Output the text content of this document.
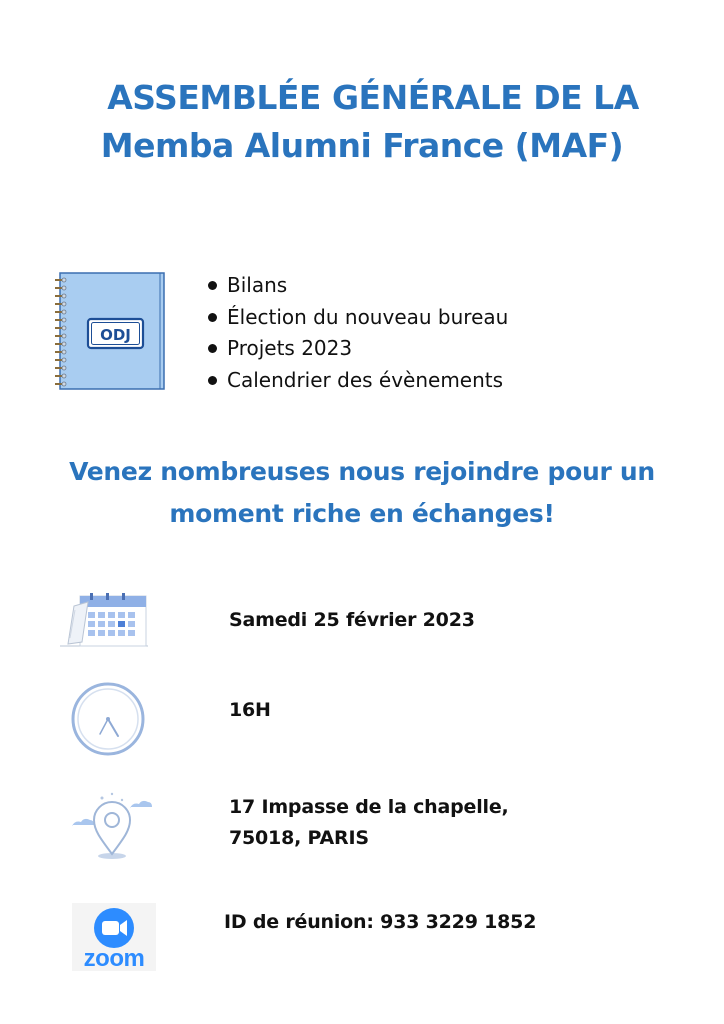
ASSEMBLÉE GÉNÉRALE DE LA
Memba Alumni France (MAF)
ODJ
Bilans
Élection du nouveau bureau
Projets 2023
Calendrier des évènements
Venez nombreuses nous rejoindre pour un
moment riche en échanges!
Samedi 25 février 2023
16H
17 Impasse de la chapelle,
75018, PARIS
zoom
ID de réunion: 933 3229 1852
